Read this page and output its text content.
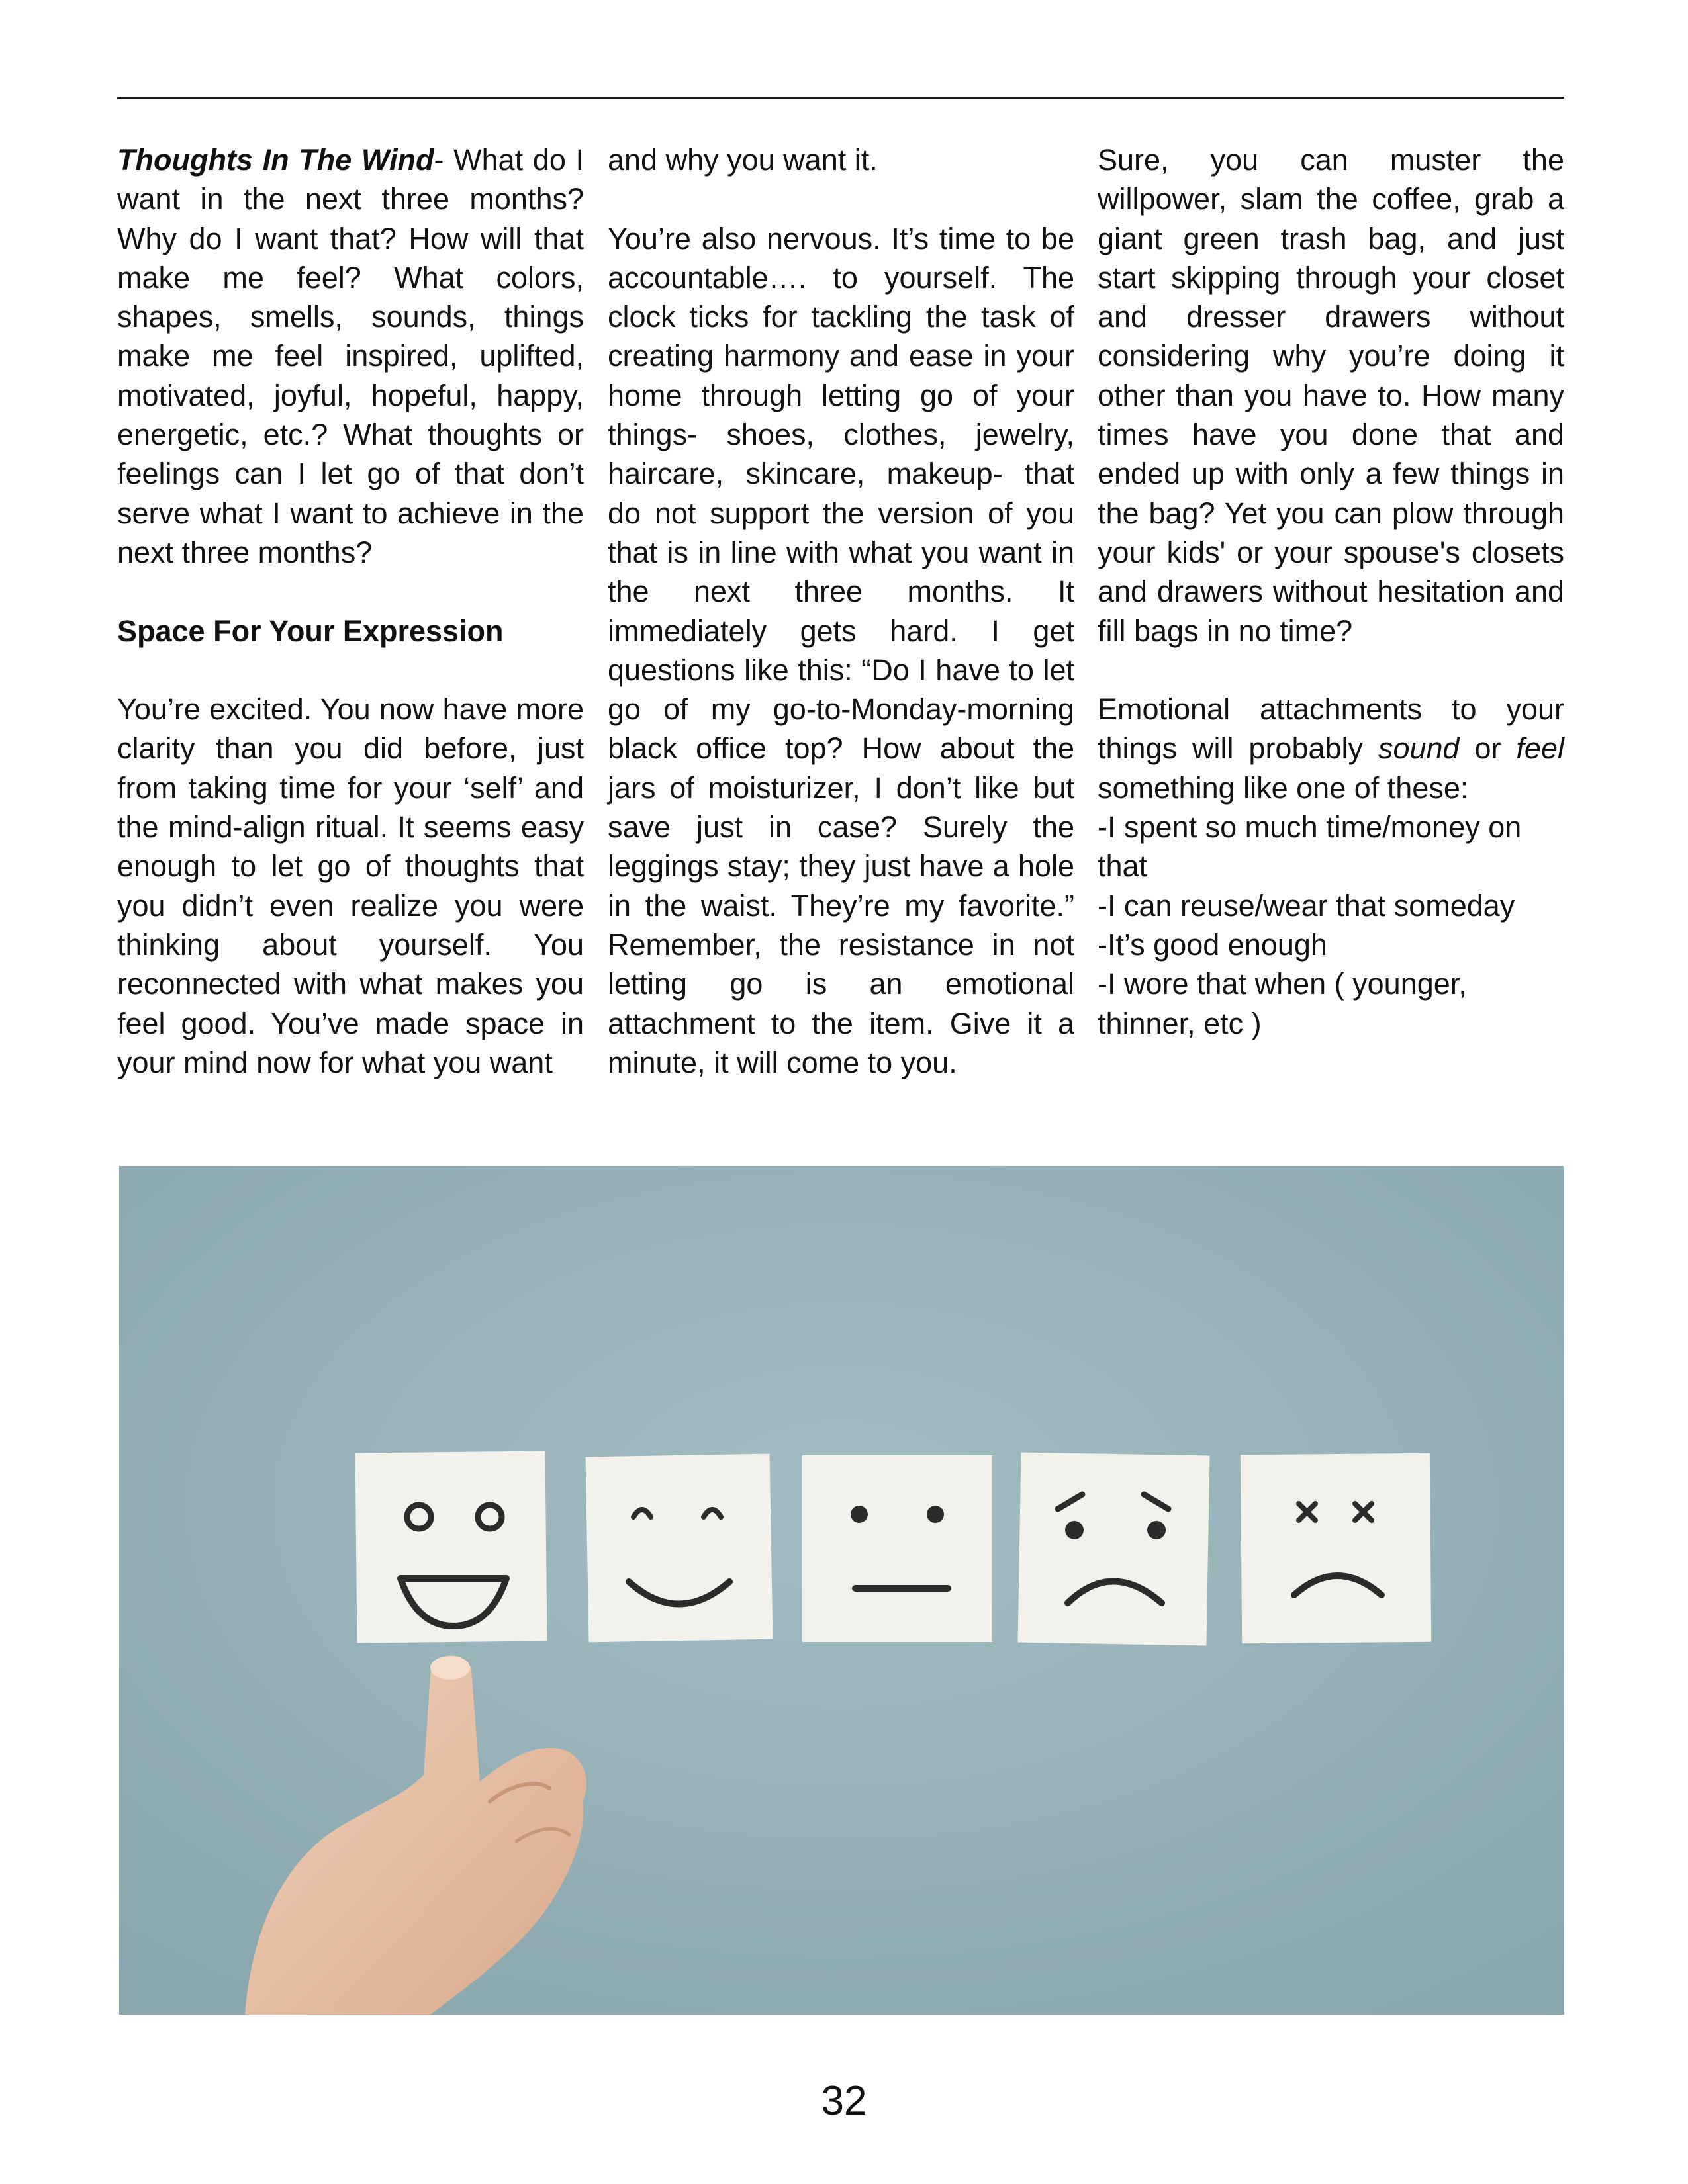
Thoughts In The Wind- What do I want in the next three months? Why do I want that? How will that make me feel? What colors, shapes, smells, sounds, things make me feel inspired, uplifted, motivated, joyful, hopeful, happy, energetic, etc.? What thoughts or feelings can I let go of that don’t serve what I want to achieve in the next three months?

Space For Your Expression

You’re excited. You now have more clarity than you did before, just from taking time for your ‘self’ and the mind-align ritual. It seems easy enough to let go of thoughts that you didn’t even realize you were thinking about yourself. You reconnected with what makes you feel good. You’ve made space in your mind now for what you want

and why you want it.

You’re also nervous. It’s time to be accountable…. to yourself. The clock ticks for tackling the task of creating harmony and ease in your home through letting go of your things- shoes, clothes, jewelry, haircare, skincare, makeup- that do not support the version of you that is in line with what you want in the next three months. It immediately gets hard. I get questions like this: “Do I have to let go of my go-to-Monday-morning black office top? How about the jars of moisturizer, I don’t like but save just in case? Surely the leggings stay; they just have a hole in the waist. They’re my favorite.” Remember, the resistance in not letting go is an emotional attachment to the item. Give it a minute, it will come to you.

Sure, you can muster the willpower, slam the coffee, grab a giant green trash bag, and just start skipping through your closet and dresser drawers without considering why you’re doing it other than you have to. How many times have you done that and ended up with only a few things in the bag? Yet you can plow through your kids' or your spouse's closets and drawers without hesitation and fill bags in no time?

Emotional attachments to your things will probably sound or feel something like one of these:

-I spent so much time/money on that
-I can reuse/wear that someday
-It’s good enough
-I wore that when ( younger, thinner, etc )
32
